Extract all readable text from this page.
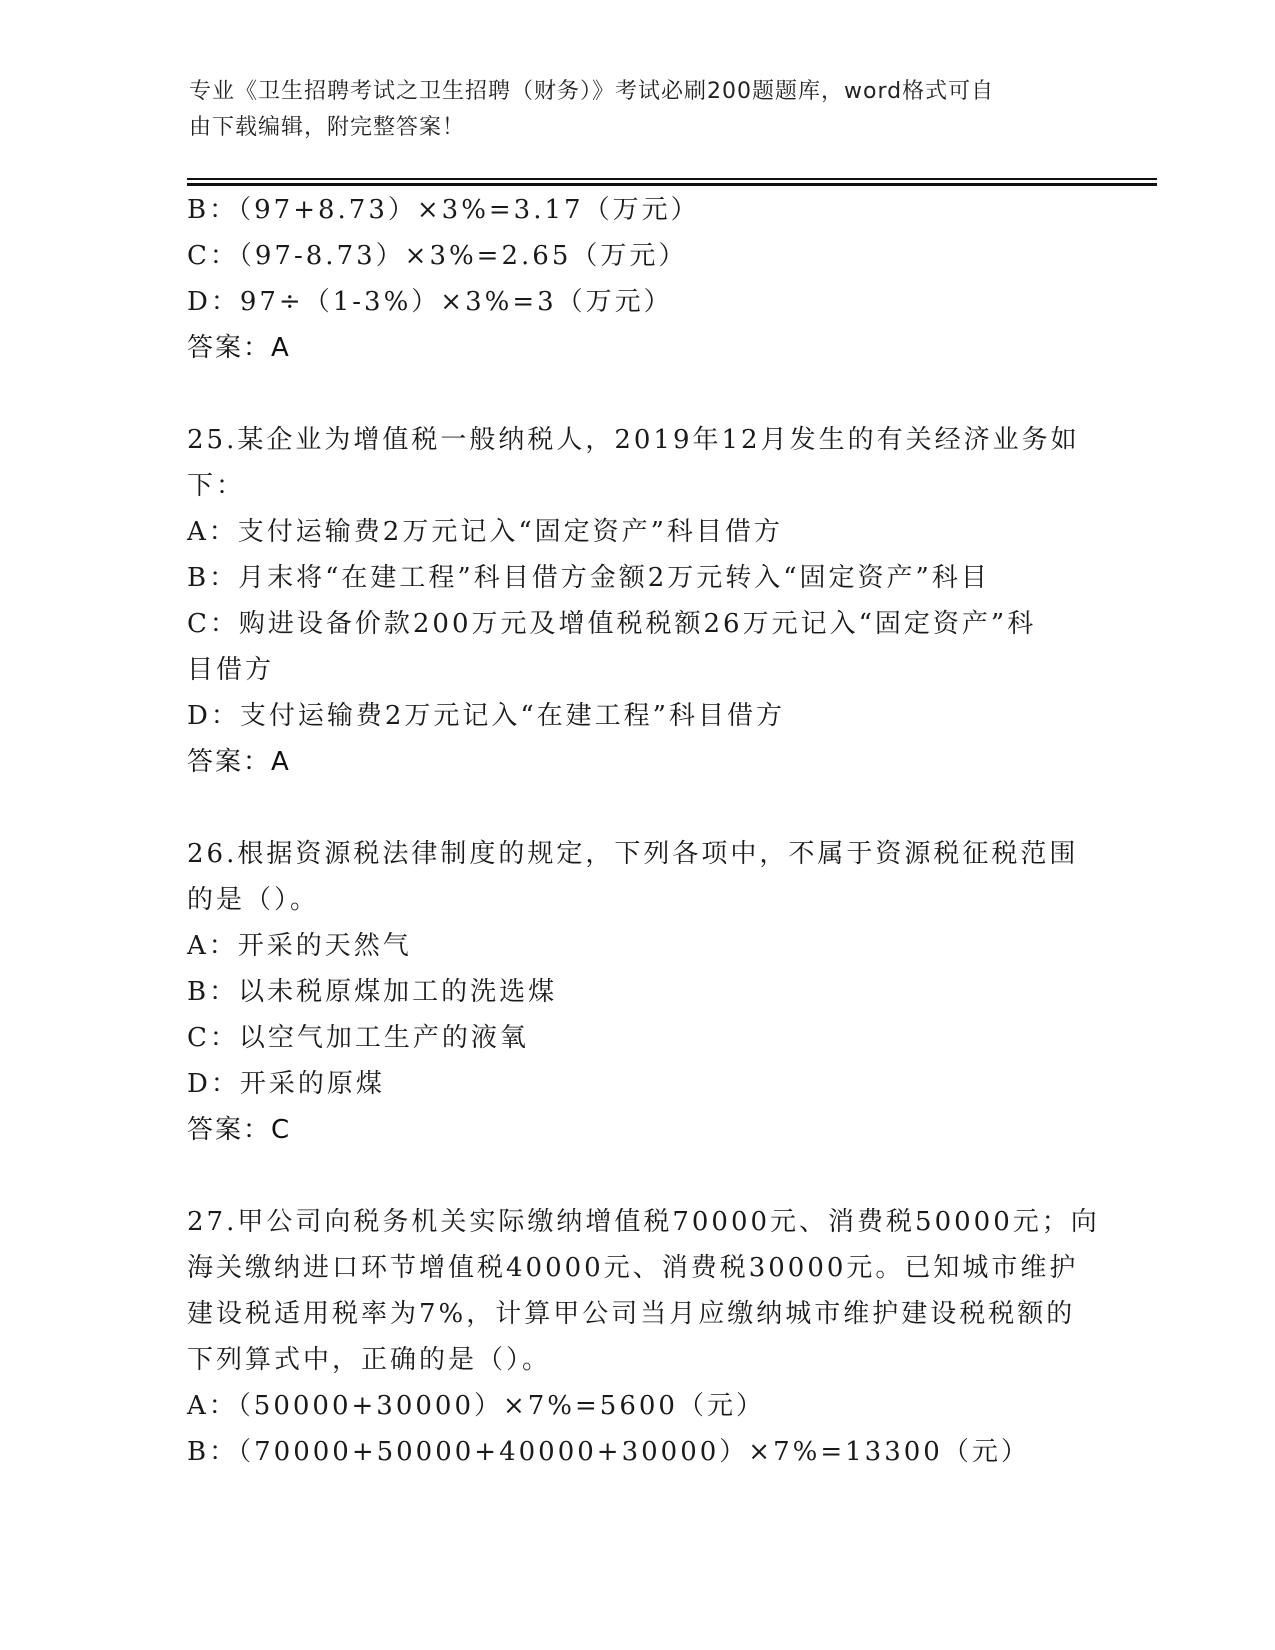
专业《卫生招聘考试之卫生招聘（财务）》考试必刷200题题库，word格式可自
由下载编辑，附完整答案！
B：（97+8.73）×3%=3.17（万元）
C：（97-8.73）×3%=2.65（万元）
D：97÷（1-3%）×3%=3（万元）
答案：A
25.某企业为增值税一般纳税人，2019年12月发生的有关经济业务如
下：
A：支付运输费2万元记入“固定资产”科目借方
B：月末将“在建工程”科目借方金额2万元转入“固定资产”科目
C：购进设备价款200万元及增值税税额26万元记入“固定资产”科
目借方
D：支付运输费2万元记入“在建工程”科目借方
答案：A
26.根据资源税法律制度的规定，下列各项中，不属于资源税征税范围
的是（）。
A：开采的天然气
B：以未税原煤加工的洗选煤
C：以空气加工生产的液氧
D：开采的原煤
答案：C
27.甲公司向税务机关实际缴纳增值税70000元、消费税50000元；向
海关缴纳进口环节增值税40000元、消费税30000元。已知城市维护
建设税适用税率为7%，计算甲公司当月应缴纳城市维护建设税税额的
下列算式中，正确的是（）。
A：（50000+30000）×7%=5600（元）
B：（70000+50000+40000+30000）×7%=13300（元）
